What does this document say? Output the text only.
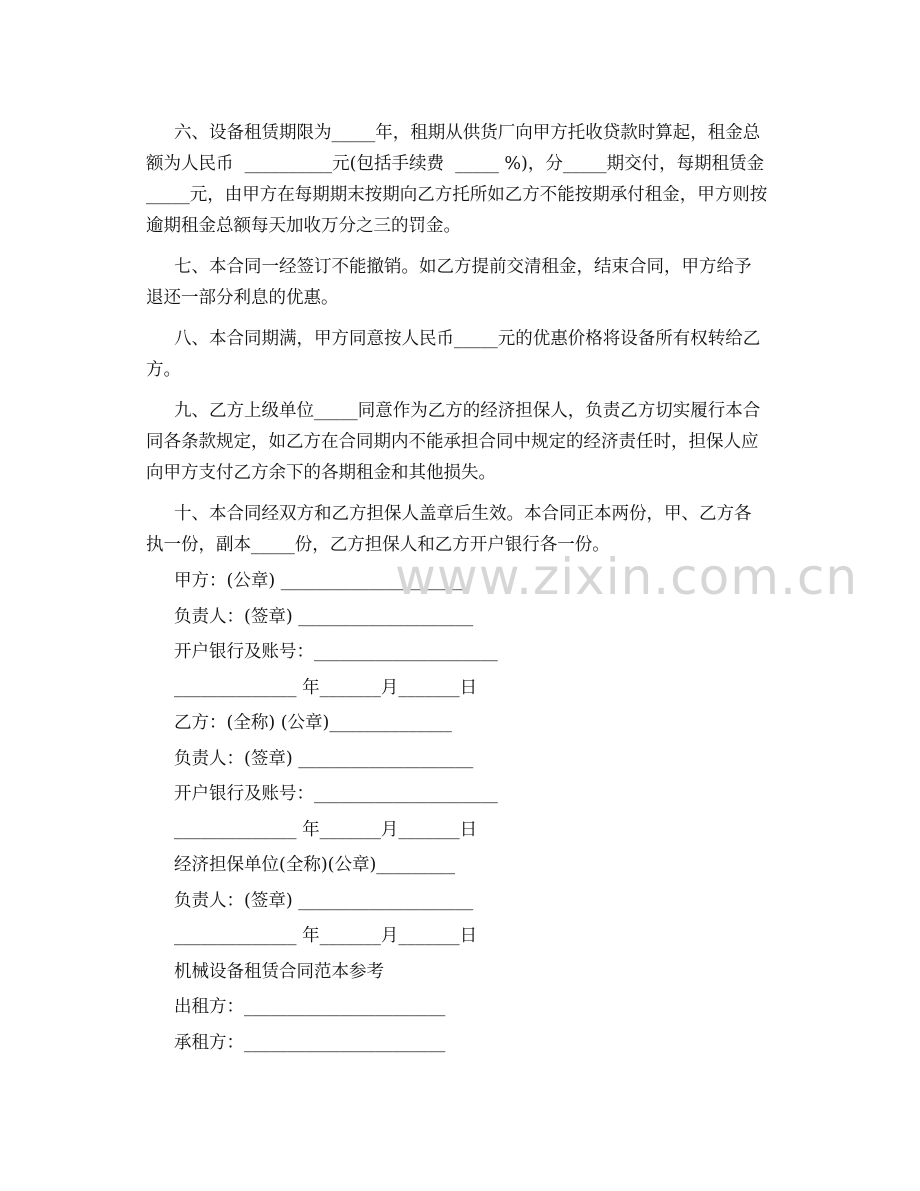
六、设备租赁期限为_____年，租期从供货厂向甲方托收贷款时算起，租金总

额为人民币  __________元(包括手续费  _____ %)，分_____期交付，每期租赁金

_____元，由甲方在每期期末按期向乙方托所如乙方不能按期承付租金，甲方则按

逾期租金总额每天加收万分之三的罚金。

七、本合同一经签订不能撤销。如乙方提前交清租金，结束合同，甲方给予

退还一部分利息的优惠。

八、本合同期满，甲方同意按人民币_____元的优惠价格将设备所有权转给乙

方。

九、乙方上级单位_____同意作为乙方的经济担保人，负责乙方切实履行本合

同各条款规定，如乙方在合同期内不能承担合同中规定的经济责任时，担保人应

向甲方支付乙方余下的各期租金和其他损失。

十、本合同经双方和乙方担保人盖章后生效。本合同正本两份，甲、乙方各

执一份，副本_____份，乙方担保人和乙方开户银行各一份。

甲方：(公章) _____________________

负责人：(签章) ____________________

开户银行及账号：_____________________

______________ 年_______月_______日

乙方：(全称) (公章)______________

负责人：(签章) ____________________

开户银行及账号：_____________________

______________ 年_______月_______日

经济担保单位(全称)(公章)_________

负责人：(签章) ____________________

______________ 年_______月_______日

机械设备租赁合同范本参考

出租方：_______________________

承租方：_______________________

www.zixin.com.cn
